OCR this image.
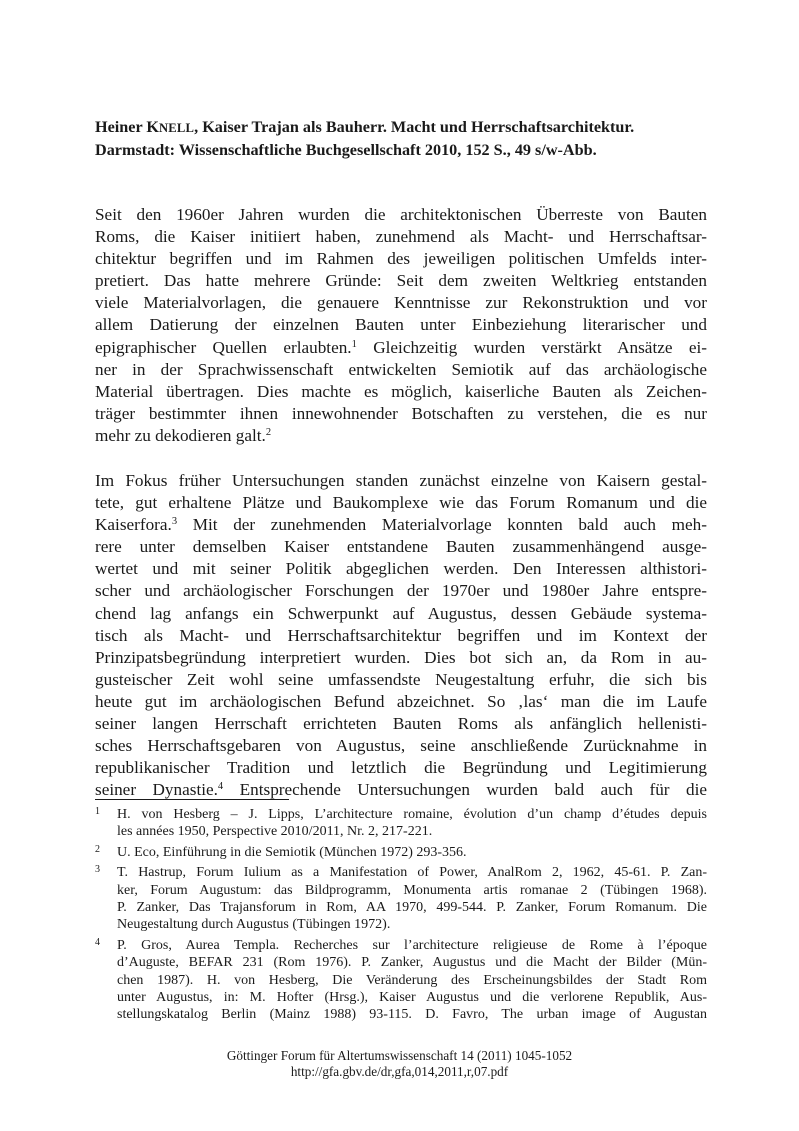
Heiner KNELL, Kaiser Trajan als Bauherr. Macht und Herrschaftsarchitektur.
Darmstadt: Wissenschaftliche Buchgesellschaft 2010, 152 S., 49 s/w-Abb.
Seit den 1960er Jahren wurden die architektonischen Überreste von Bauten
Roms, die Kaiser initiiert haben, zunehmend als Macht- und Herrschaftsar-
chitektur begriffen und im Rahmen des jeweiligen politischen Umfelds inter-
pretiert. Das hatte mehrere Gründe: Seit dem zweiten Weltkrieg entstanden
viele Materialvorlagen, die genauere Kenntnisse zur Rekonstruktion und vor
allem Datierung der einzelnen Bauten unter Einbeziehung literarischer und
epigraphischer Quellen erlaubten.$^1$ Gleichzeitig wurden verstärkt Ansätze ei-
ner in der Sprachwissenschaft entwickelten Semiotik auf das archäologische
Material übertragen. Dies machte es möglich, kaiserliche Bauten als Zeichen-
träger bestimmter ihnen innewohnender Botschaften zu verstehen, die es nur
mehr zu dekodieren galt.$^2$
Im Fokus früher Untersuchungen standen zunächst einzelne von Kaisern gestal-
tete, gut erhaltene Plätze und Baukomplexe wie das Forum Romanum und die
Kaiserfora.$^3$ Mit der zunehmenden Materialvorlage konnten bald auch meh-
rere unter demselben Kaiser entstandene Bauten zusammenhängend ausge-
wertet und mit seiner Politik abgeglichen werden. Den Interessen althistori-
scher und archäologischer Forschungen der 1970er und 1980er Jahre entspre-
chend lag anfangs ein Schwerpunkt auf Augustus, dessen Gebäude systema-
tisch als Macht- und Herrschaftsarchitektur begriffen und im Kontext der
Prinzipatsbegründung interpretiert wurden. Dies bot sich an, da Rom in au-
gusteischer Zeit wohl seine umfassendste Neugestaltung erfuhr, die sich bis
heute gut im archäologischen Befund abzeichnet. So ‚las‘ man die im Laufe
seiner langen Herrschaft errichteten Bauten Roms als anfänglich hellenisti-
sches Herrschaftsgebaren von Augustus, seine anschließende Zurücknahme in
republikanischer Tradition und letztlich die Begründung und Legitimierung
seiner Dynastie.$^4$ Entsprechende Untersuchungen wurden bald auch für die
1 H. von Hesberg – J. Lipps, L’architecture romaine, évolution d’un champ d’études depuis
les années 1950, Perspective 2010/2011, Nr. 2, 217-221.
2 U. Eco, Einführung in die Semiotik (München 1972) 293-356.
3 T. Hastrup, Forum Iulium as a Manifestation of Power, AnalRom 2, 1962, 45-61. P. Zan-
ker, Forum Augustum: das Bildprogramm, Monumenta artis romanae 2 (Tübingen 1968).
P. Zanker, Das Trajansforum in Rom, AA 1970, 499-544. P. Zanker, Forum Romanum. Die
Neugestaltung durch Augustus (Tübingen 1972).
4 P. Gros, Aurea Templa. Recherches sur l’architecture religieuse de Rome à l’époque
d’Auguste, BEFAR 231 (Rom 1976). P. Zanker, Augustus und die Macht der Bilder (Mün-
chen 1987). H. von Hesberg, Die Veränderung des Erscheinungsbildes der Stadt Rom
unter Augustus, in: M. Hofter (Hrsg.), Kaiser Augustus und die verlorene Republik, Aus-
stellungskatalog Berlin (Mainz 1988) 93-115. D. Favro, The urban image of Augustan
Göttinger Forum für Altertumswissenschaft 14 (2011) 1045-1052
http://gfa.gbv.de/dr,gfa,014,2011,r,07.pdf
